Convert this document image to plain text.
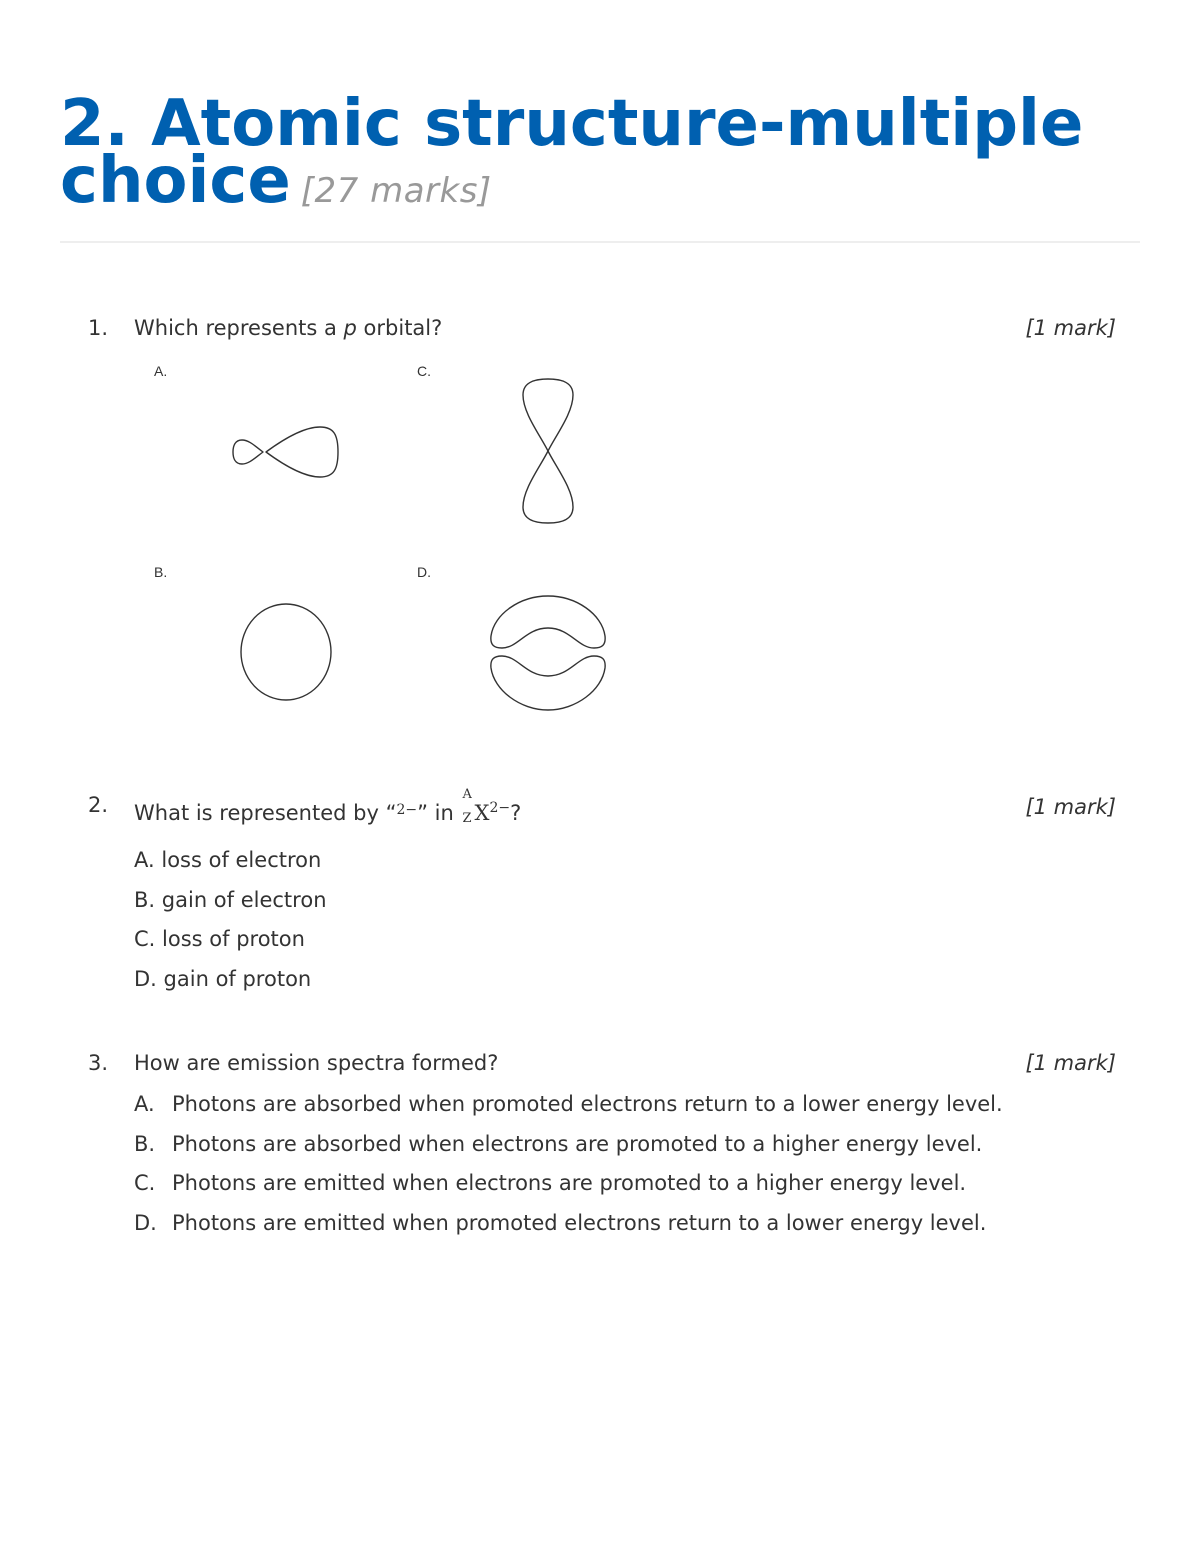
2. Atomic structure-multiple choice [27 marks]
1. Which represents a p orbital?	[1 mark]
A.	C.
B.	D.
2. What is represented by “$^{2-}$” in
A
Z $X^{2-}$?	[1 mark]
A. loss of electron
B. gain of electron
C. loss of proton
D. gain of proton
3. How are emission spectra formed?	[1 mark]
A. Photons are absorbed when promoted electrons return to a lower energy level.
B. Photons are absorbed when electrons are promoted to a higher energy level.
C. Photons are emitted when electrons are promoted to a higher energy level.
D. Photons are emitted when promoted electrons return to a lower energy level.
